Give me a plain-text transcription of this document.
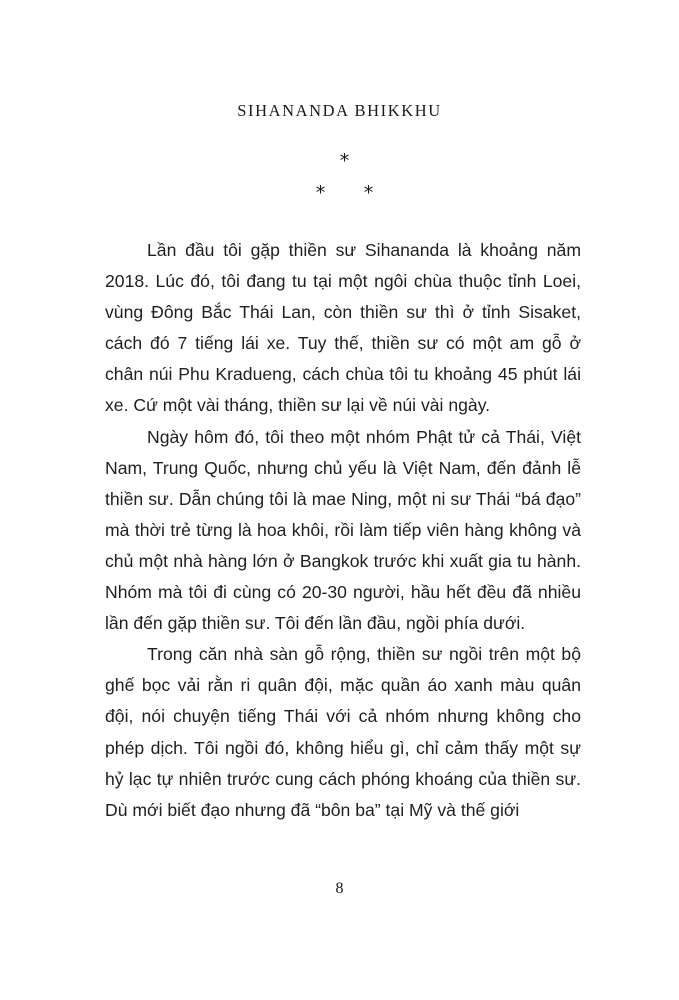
SIHANANDA BHIKKHU
*
* *

Lần đầu tôi gặp thiền sư Sihananda là khoảng năm 2018. Lúc đó, tôi đang tu tại một ngôi chùa thuộc tỉnh Loei, vùng Đông Bắc Thái Lan, còn thiền sư thì ở tỉnh Sisaket, cách đó 7 tiếng lái xe. Tuy thế, thiền sư có một am gỗ ở chân núi Phu Kradueng, cách chùa tôi tu khoảng 45 phút lái xe. Cứ một vài tháng, thiền sư lại về núi vài ngày.

Ngày hôm đó, tôi theo một nhóm Phật tử cả Thái, Việt Nam, Trung Quốc, nhưng chủ yếu là Việt Nam, đến đảnh lễ thiền sư. Dẫn chúng tôi là mae Ning, một ni sư Thái “bá đạo” mà thời trẻ từng là hoa khôi, rồi làm tiếp viên hàng không và chủ một nhà hàng lớn ở Bangkok trước khi xuất gia tu hành. Nhóm mà tôi đi cùng có 20-30 người, hầu hết đều đã nhiều lần đến gặp thiền sư. Tôi đến lần đầu, ngồi phía dưới.

Trong căn nhà sàn gỗ rộng, thiền sư ngồi trên một bộ ghế bọc vải rằn ri quân đội, mặc quần áo xanh màu quân đội, nói chuyện tiếng Thái với cả nhóm nhưng không cho phép dịch. Tôi ngồi đó, không hiểu gì, chỉ cảm thấy một sự hỷ lạc tự nhiên trước cung cách phóng khoáng của thiền sư. Dù mới biết đạo nhưng đã “bôn ba” tại Mỹ và thế giới

8
